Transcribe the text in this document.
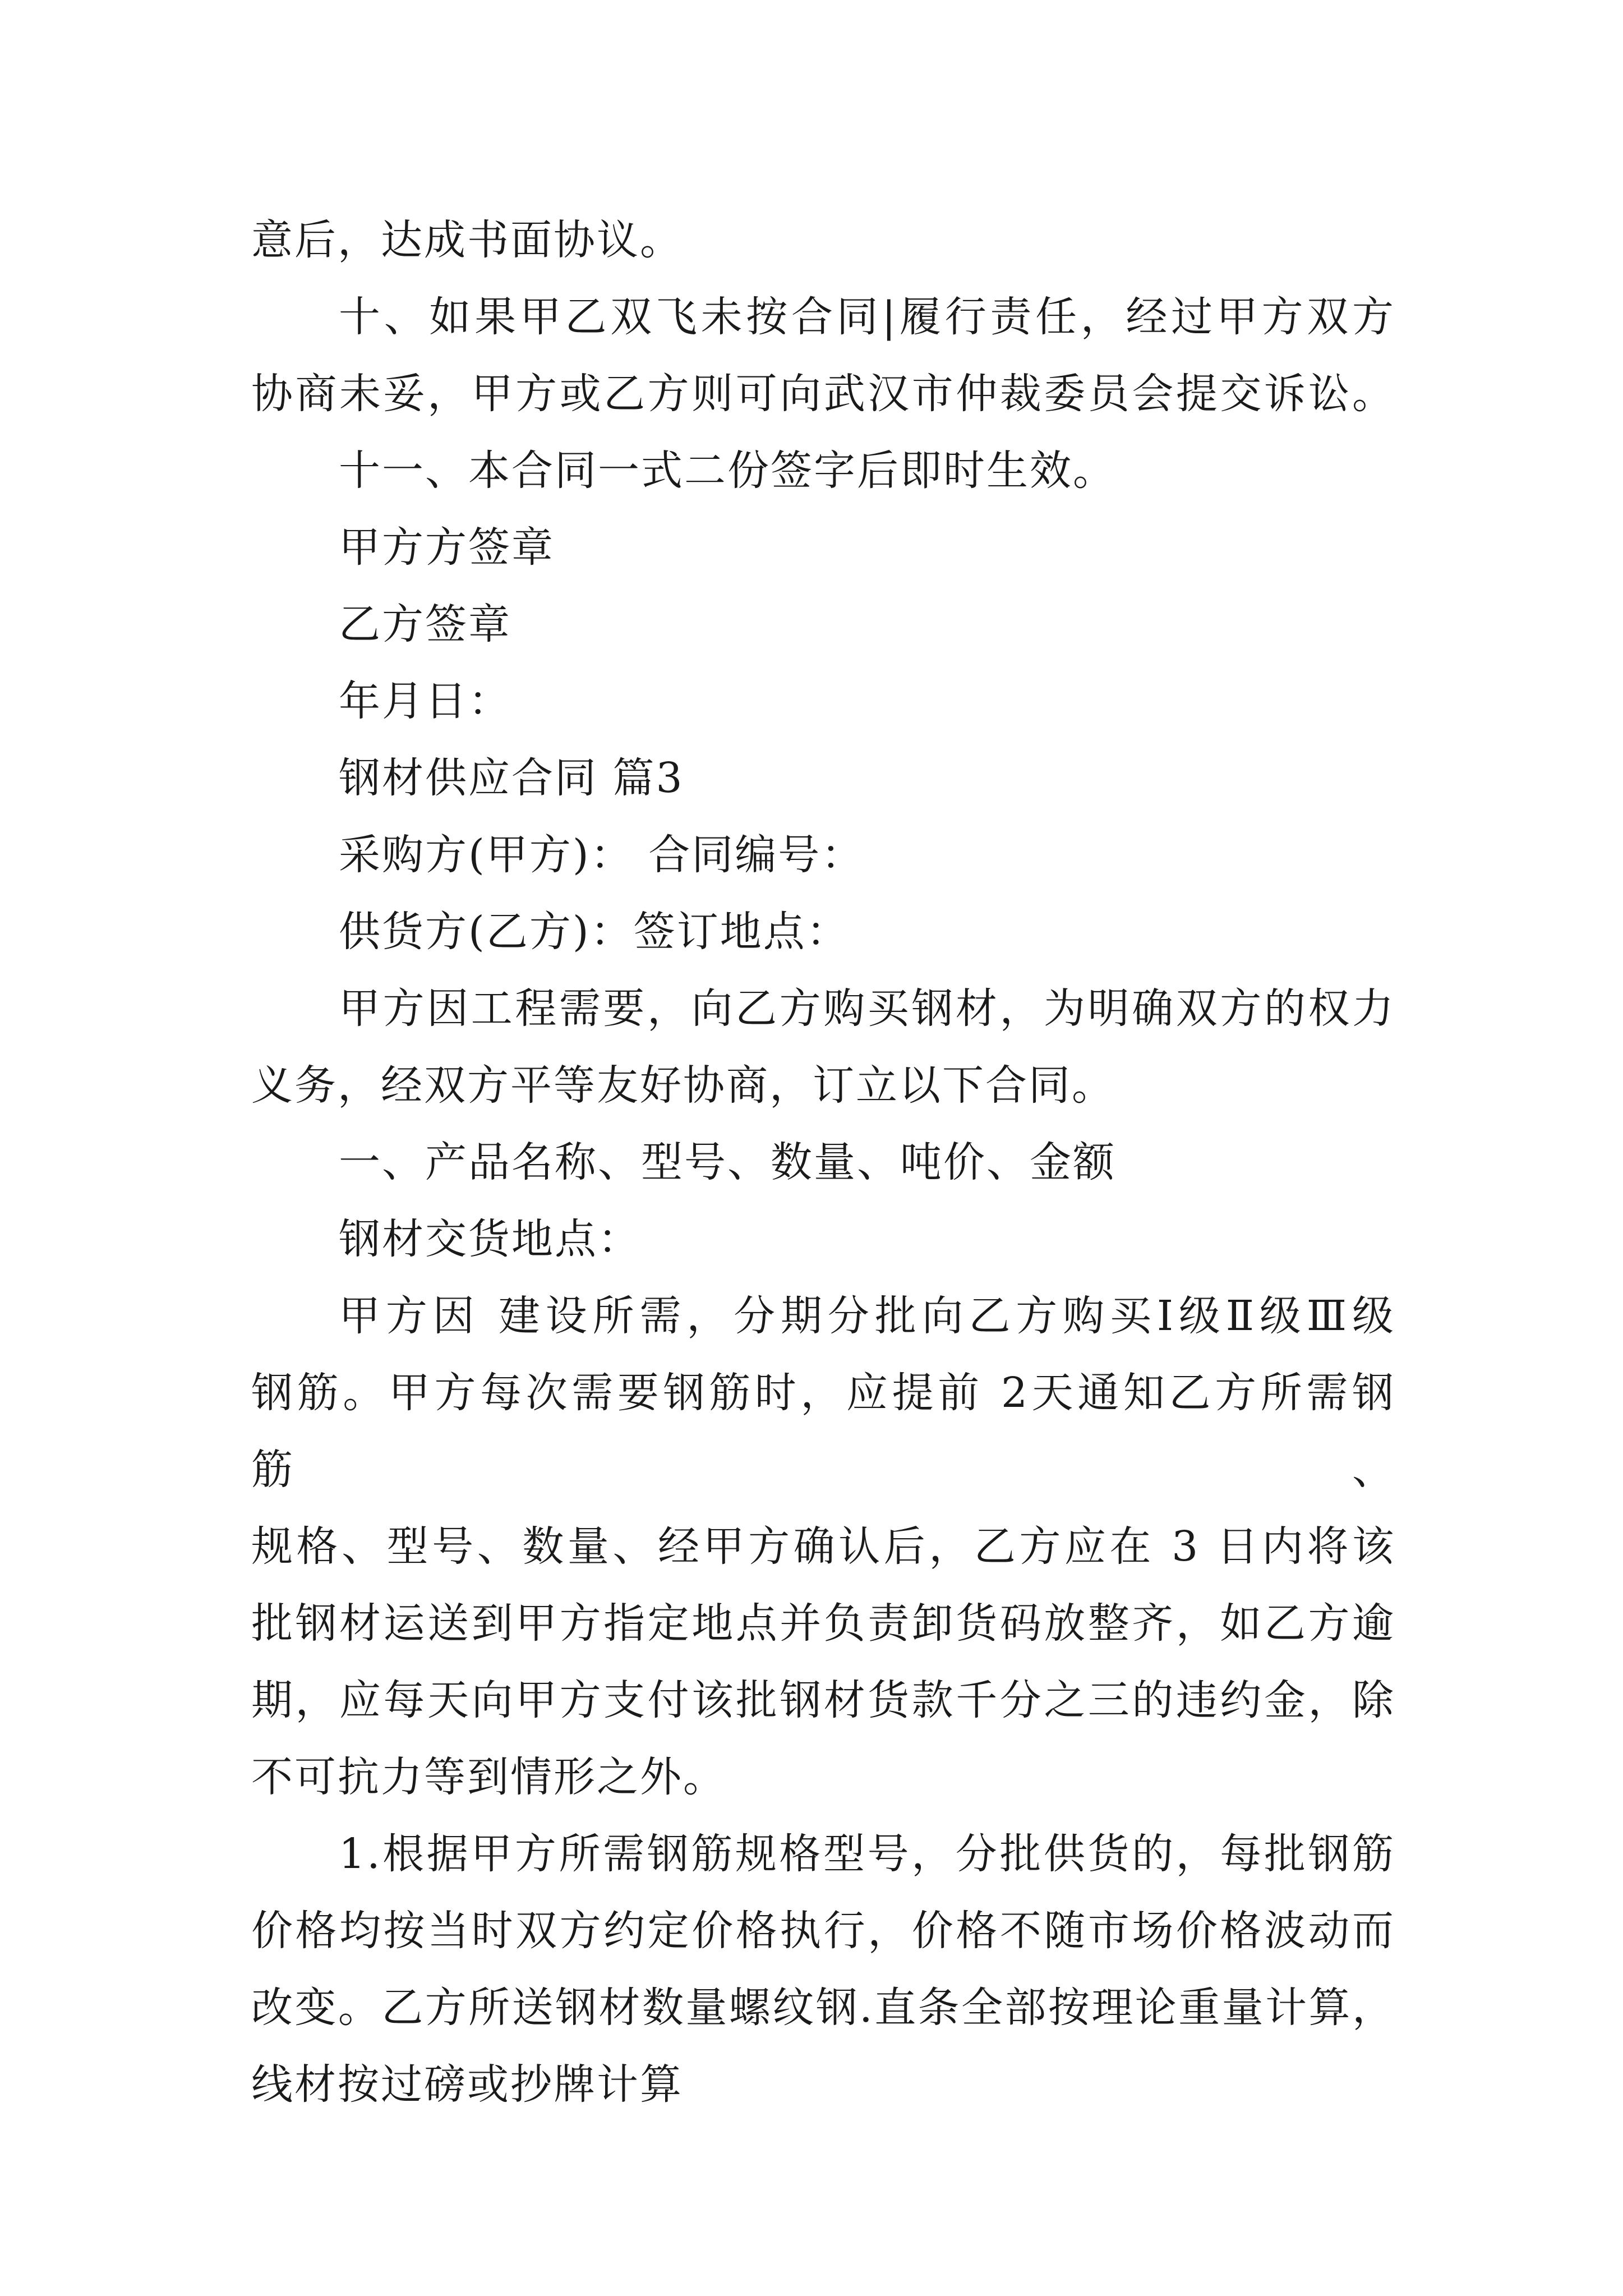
意后，达成书面协议。

十、如果甲乙双飞未按合同|履行责任，经过甲方双方

协商未妥，甲方或乙方则可向武汉市仲裁委员会提交诉讼。

十一、本合同一式二份签字后即时生效。

甲方方签章

乙方签章

年月日：

钢材供应合同 篇3

采购方(甲方)： 合同编号：

供货方(乙方)：签订地点：

甲方因工程需要，向乙方购买钢材，为明确双方的权力

义务，经双方平等友好协商，订立以下合同。

一、产品名称、型号、数量、吨价、金额

钢材交货地点：

甲方因 建设所需，分期分批向乙方购买Ⅰ级Ⅱ级Ⅲ级

钢筋。甲方每次需要钢筋时，应提前 2天通知乙方所需钢筋、

规格、型号、数量、经甲方确认后，乙方应在 3 日内将该

批钢材运送到甲方指定地点并负责卸货码放整齐，如乙方逾

期，应每天向甲方支付该批钢材货款千分之三的违约金，除

不可抗力等到情形之外。

1.根据甲方所需钢筋规格型号，分批供货的，每批钢筋

价格均按当时双方约定价格执行，价格不随市场价格波动而

改变。乙方所送钢材数量螺纹钢.直条全部按理论重量计算，

线材按过磅或抄牌计算
